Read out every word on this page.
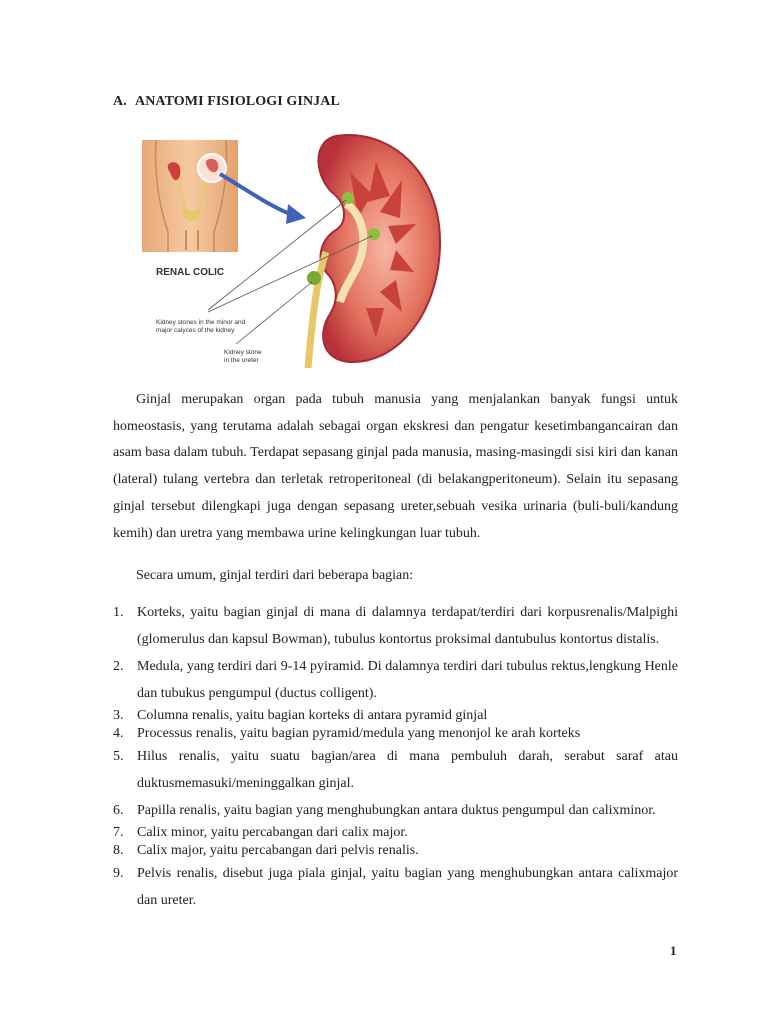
A. ANATOMI FISIOLOGI GINJAL
RENAL COLIC
Kidney stones in the minor and
major calyces of the kidney
Kidney stone
in the ureter

Ginjal merupakan organ pada tubuh manusia yang menjalankan banyak fungsi untuk homeostasis, yang terutama adalah sebagai organ ekskresi dan pengatur kesetimbangancairan dan asam basa dalam tubuh. Terdapat sepasang ginjal pada manusia, masing-masingdi sisi kiri dan kanan (lateral) tulang vertebra dan terletak retroperitoneal (di belakangperitoneum). Selain itu sepasang ginjal tersebut dilengkapi juga dengan sepasang ureter,sebuah vesika urinaria (buli-buli/kandung kemih) dan uretra yang membawa urine kelingkungan luar tubuh.

Secara umum, ginjal terdiri dari beberapa bagian:

1. Korteks, yaitu bagian ginjal di mana di dalamnya terdapat/terdiri dari korpusrenalis/Malpighi (glomerulus dan kapsul Bowman), tubulus kontortus proksimal dantubulus kontortus distalis.
2. Medula, yang terdiri dari 9-14 pyiramid. Di dalamnya terdiri dari tubulus rektus,lengkung Henle dan tubukus pengumpul (ductus colligent).
3. Columna renalis, yaitu bagian korteks di antara pyramid ginjal
4. Processus renalis, yaitu bagian pyramid/medula yang menonjol ke arah korteks
5. Hilus renalis, yaitu suatu bagian/area di mana pembuluh darah, serabut saraf atau duktusmemasuki/meninggalkan ginjal.
6. Papilla renalis, yaitu bagian yang menghubungkan antara duktus pengumpul dan calixminor.
7. Calix minor, yaitu percabangan dari calix major.
8. Calix major, yaitu percabangan dari pelvis renalis.
9. Pelvis renalis, disebut juga piala ginjal, yaitu bagian yang menghubungkan antara calixmajor dan ureter.
1
